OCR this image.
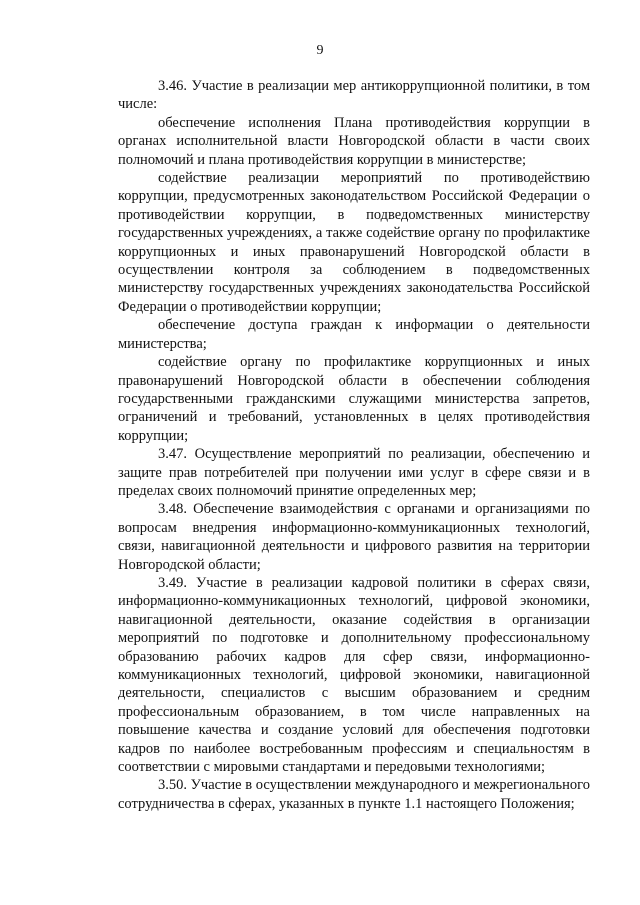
9

3.46. Участие в реализации мер антикоррупционной политики, в том числе:

обеспечение исполнения Плана противодействия коррупции в органах исполнительной власти Новгородской области в части своих полномочий и плана противодействия коррупции в министерстве;

содействие реализации мероприятий по противодействию коррупции, предусмотренных законодательством Российской Федерации о противодействии коррупции, в подведомственных министерству государственных учреждениях, а также содействие органу по профилактике коррупционных и иных правонарушений Новгородской области в осуществлении контроля за соблюдением в подведомственных министерству государственных учреждениях законодательства Российской Федерации о противодействии коррупции;

обеспечение доступа граждан к информации о деятельности министерства;

содействие органу по профилактике коррупционных и иных правонарушений Новгородской области в обеспечении соблюдения государственными гражданскими служащими министерства запретов, ограничений и требований, установленных в целях противодействия коррупции;

3.47. Осуществление мероприятий по реализации, обеспечению и защите прав потребителей при получении ими услуг в сфере связи и в пределах своих полномочий принятие определенных мер;

3.48. Обеспечение взаимодействия с органами и организациями по вопросам внедрения информационно-коммуникационных технологий, связи, навигационной деятельности и цифрового развития на территории Новгородской области;

3.49. Участие в реализации кадровой политики в сферах связи, информационно-коммуникационных технологий, цифровой экономики, навигационной деятельности, оказание содействия в организации мероприятий по подготовке и дополнительному профессиональному образованию рабочих кадров для сфер связи, информационно-коммуникационных технологий, цифровой экономики, навигационной деятельности, специалистов с высшим образованием и средним профессиональным образованием, в том числе направленных на повышение качества и создание условий для обеспечения подготовки кадров по наиболее востребованным профессиям и специальностям в соответствии с мировыми стандартами и передовыми технологиями;

3.50. Участие в осуществлении международного и межрегионального сотрудничества в сферах, указанных в пункте 1.1 настоящего Положения;
